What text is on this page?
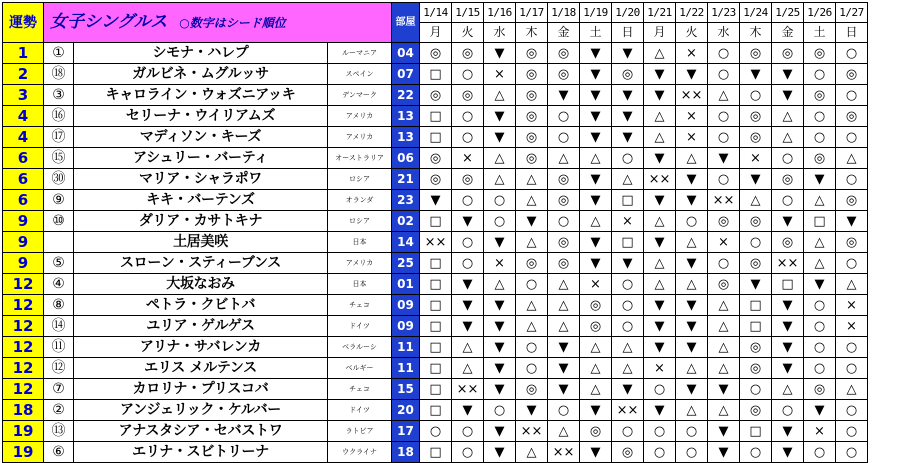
運勢	女子シングルス ○数字はシード順位			部屋	1/14	1/15	1/16	1/17	1/18	1/19	1/20	1/21	1/22	1/23	1/24	1/25	1/26	1/27
					月	火	水	木	金	土	日	月	火	水	木	金	土	日
1	①	シモナ・ハレプ	ルーマニア	04	◎	◎	▼	◎	◎	▼	▼	△	×	○	◎	◎	◎	○
2	⑱	ガルビネ・ムグルッサ	スペイン	07	□	○	×	◎	◎	▼	◎	▼	▼	○	▼	▼	○	◎
3	③	キャロライン・ウォズニアッキ	デンマーク	22	◎	◎	△	◎	▼	▼	▼	▼	××	△	○	▼	◎	○
4	⑯	セリーナ・ウイリアムズ	アメリカ	13	□	○	▼	◎	○	▼	▼	△	×	○	◎	△	○	◎
4	⑰	マディソン・キーズ	アメリカ	13	□	○	▼	◎	○	▼	▼	△	×	○	◎	△	○	○
6	⑮	アシュリー・バーティ	オーストラリア	06	◎	×	△	◎	△	△	○	▼	△	▼	×	○	◎	△
6	㉚	マリア・シャラポワ	ロシア	21	◎	◎	△	△	◎	▼	△	××	▼	○	▼	◎	▼	○
6	⑨	キキ・バーテンズ	オランダ	23	▼	○	○	△	◎	▼	□	▼	▼	××	△	○	△	◎
9	⑩	ダリア・カサトキナ	ロシア	02	□	▼	○	▼	○	△	×	△	○	◎	◎	▼	□	▼
9		土居美咲	日本	14	××	○	▼	△	◎	▼	□	▼	△	×	○	◎	△	◎
9	⑤	スローン・スティーブンス	アメリカ	25	□	○	×	◎	◎	▼	▼	△	▼	○	◎	××	△	○
12	④	大坂なおみ	日本	01	□	▼	△	○	△	×	○	△	△	◎	▼	□	▼	△
12	⑧	ペトラ・クビトバ	チェコ	09	□	▼	▼	△	△	◎	○	▼	▼	△	□	▼	○	×
12	⑭	ユリア・ゲルゲス	ドイツ	09	□	▼	▼	△	△	◎	○	▼	▼	△	□	▼	○	×
12	⑪	アリナ・サバレンカ	ベラルーシ	11	□	△	▼	○	▼	△	△	▼	▼	△	◎	▼	○	○
12	⑫	エリス メルテンス	ベルギー	11	□	△	▼	○	▼	△	△	×	△	△	◎	▼	○	○
12	⑦	カロリナ・プリスコバ	チェコ	15	□	××	▼	◎	▼	△	▼	○	▼	▼	○	△	◎	△
18	②	アンジェリック・ケルバー	ドイツ	20	□	▼	○	▼	○	▼	××	▼	△	△	◎	○	▼	○
19	⑬	アナスタシア・セバストワ	ラトビア	17	○	○	▼	××	△	◎	○	○	○	▼	□	▼	×	○
19	⑥	エリナ・スビトリーナ	ウクライナ	18	□	○	▼	△	××	▼	◎	○	○	▼	○	▼	○	○
